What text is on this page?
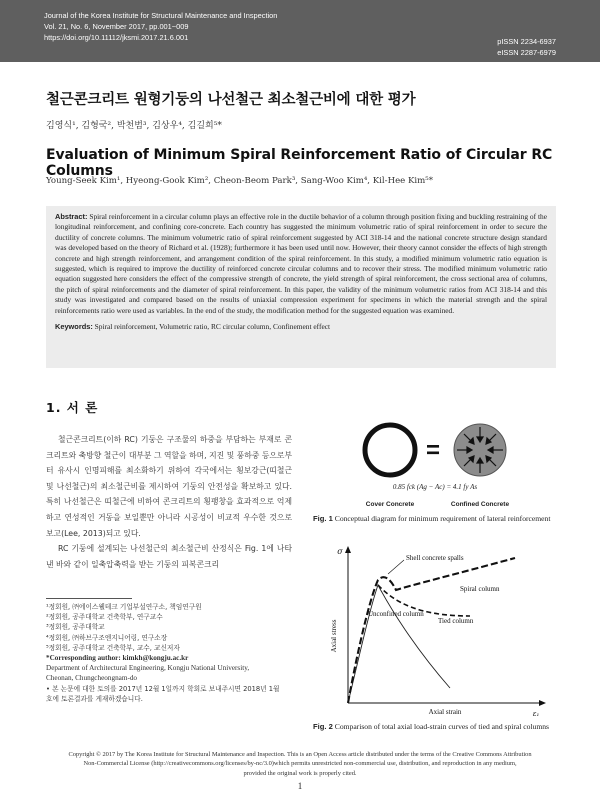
Journal of the Korea Institute for Structural Maintenance and Inspection
Vol. 21, No. 6, November 2017, pp.001~009
https://doi.org/10.11112/jksmi.2017.21.6.001	pISSN 2234-6937
eISSN 2287-6979
철근콘크리트 원형기둥의 나선철근 최소철근비에 대한 평가
김영식¹, 김형국², 박천범³, 김상우⁴, 김길희⁵*
Evaluation of Minimum Spiral Reinforcement Ratio of Circular RC Columns
Young-Seek Kim¹, Hyeong-Gook Kim², Cheon-Beom Park³, Sang-Woo Kim⁴, Kil-Hee Kim⁵*
Abstract: Spiral reinforcement in a circular column plays an effective role in the ductile behavior of a column through position fixing and buckling restraining of the longitudinal reinforcement, and confining core-concrete. Each country has suggested the minimum volumetric ratio of spiral reinforcement in order to secure the ductility of concrete columns. The minimum volumetric ratio of spiral reinforcement suggested by ACI 318-14 and the national concrete structure design standard was developed based on the theory of Richard et al. (1928); furthermore it has been used until now. However, their theory cannot consider the effects of high strength concrete and high strength reinforcement, and arrangement condition of the spiral reinforcement. In this study, a modified minimum volumetric ratio equation is suggested, which is required to improve the ductility of reinforced concrete circular columns and to recover their stress. The modified minimum volumetric ratio equation suggested here considers the effect of the compressive strength of concrete, the yield strength of spiral reinforcement, the cross sectional area of columns, the pitch of spiral reinforcements and the diameter of spiral reinforcement. In this paper, the validity of the minimum volumetric ratios from ACI 318-14 and this study was investigated and compared based on the results of uniaxial compression experiment for specimens in which the material strength and the spiral reinforcements ratio were used as variables. In the end of the study, the modification method for the suggested equation was examined.
Keywords: Spiral reinforcement, Volumetric ratio, RC circular column, Confinement effect
1. 서 론

철근콘크리트(이하 RC) 기둥은 구조물의 하중을 부담하는 부재로 콘크리트와 축방향 철근이 대부분 그 역할을 하며, 지진 및 풍하중 등으로부터 유사시 인명피해를 최소화하기 위하여 각국에서는 횡보강근(띠철근 및 나선철근)의 최소철근비를 제시하여 기둥의 안전성을 확보하고 있다. 특히 나선철근은 띠철근에 비하여 콘크리트의 횡팽창을 효과적으로 억제하고 연성적인 거동을 보일뿐만 아니라 시공성이 비교적 우수한 것으로 보고(Lee, 2013)되고 있다.

RC 기둥에 설계되는 나선철근의 최소철근비 산정식은 Fig. 1에 나타낸 바와 같이 일축압축력을 받는 기둥의 피복콘크리

¹정회원, ㈜에이스웰테크 기업부설연구소, 책임연구원
²정회원, 공주대학교 건축학부, 연구교수
³정회원, 공주대학교
⁴정회원, ㈜하브구조엔지니어링, 연구소장
⁵정회원, 공주대학교 건축학부, 교수, 교신저자
*Corresponding author: kimkh@kongju.ac.kr
Department of Architectural Engineering, Kongju National University,
Cheonan, Chungcheongnam-do
• 본 논문에 대한 토의를 2017년 12월 1일까지 학회로 보내주시면 2018년 1월
호에 토론결과를 게재하겠습니다.
=
0.85 fck (Ag − Ac) = 4.1 fy As
Cover Concrete	Confined Concrete
Fig. 1 Conceptual diagram for minimum requirement of lateral reinforcement
σ
Axial stress
Axial strain	ε₁
Shell concrete spalls
Spiral column
Unconfined column
Tied column
Fig. 2 Comparison of total axial load-strain curves of tied and spiral columns
Copyright © 2017 by The Korea Institute for Structural Maintenance and Inspection. This is an Open Access article distributed under the terms of the Creative Commons Attribution
Non-Commercial License (http://creativecommons.org/licenses/by-nc/3.0)which permits unrestricted non-commercial use, distribution, and reproduction in any medium,
provided the original work is properly cited.
1
